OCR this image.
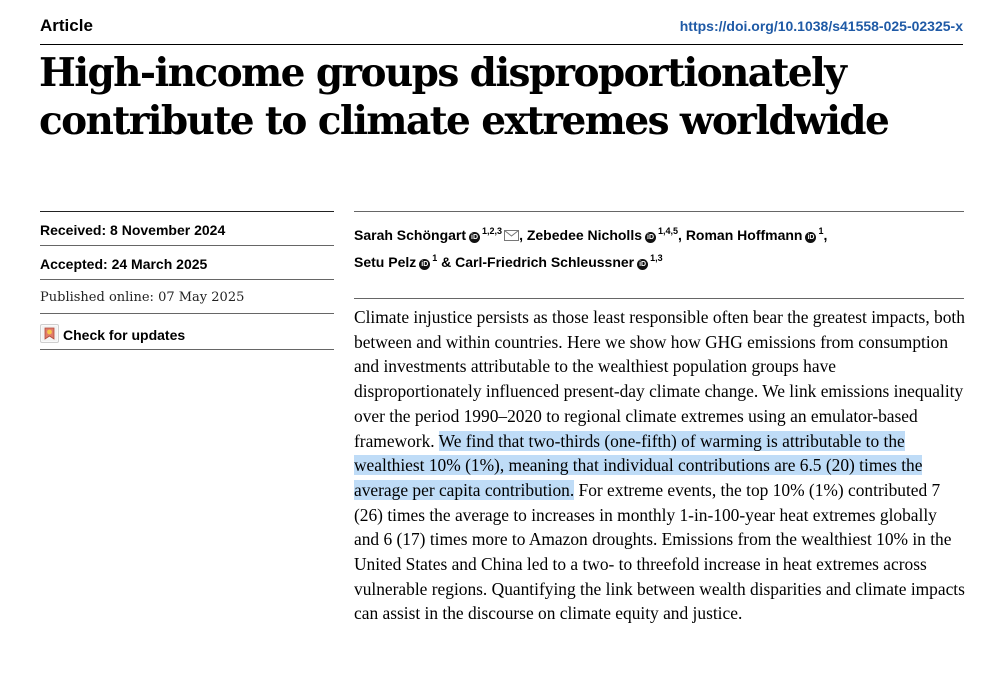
Article	https://doi.org/10.1038/s41558-025-02325-x
High-income groups disproportionately
contribute to climate extremes worldwide
Received: 8 November 2024
Accepted: 24 March 2025
Published online: 07 May 2025
Check for updates
Sarah Schöngart iD$^{1,2,3}$ , Zebedee Nicholls iD$^{1,4,5}$, Roman Hoffmann iD$^1$,
Setu Pelz iD$^1$ & Carl-Friedrich Schleussner iD$^{1,3}$

Climate injustice persists as those least responsible often bear the greatest impacts, both between and within countries. Here we show how GHG emissions from consumption and investments attributable to the wealthiest population groups have disproportionately influenced present-day climate change. We link emissions inequality over the period 1990–2020 to regional climate extremes using an emulator-based framework. We find that two-thirds (one-fifth) of warming is attributable to the wealthiest 10% (1%), meaning that individual contributions are 6.5 (20) times the average per capita contribution. For extreme events, the top 10% (1%) contributed 7 (26) times the average to increases in monthly 1-in-100-year heat extremes globally and 6 (17) times more to Amazon droughts. Emissions from the wealthiest 10% in the United States and China led to a two- to threefold increase in heat extremes across vulnerable regions. Quantifying the link between wealth disparities and climate impacts can assist in the discourse on climate equity and justice.
